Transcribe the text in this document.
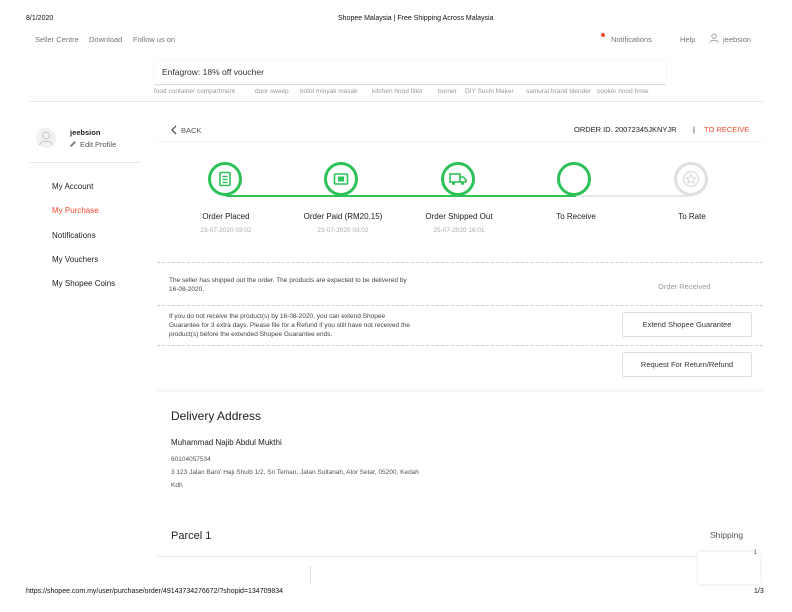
8/1/2020	Shopee Malaysia | Free Shipping Across Malaysia
Seller Centre Download Follow us on	Notifications	Help	jeebsion
Enfagrow: 18% off voucher
food container compartment	door sweep botol minyak masak kitchen hood filter burner DIY Sushi Maker samurai brand blender cooker hood hose
jeebsion
Edit Profile
My Account
My Purchase
Notifications
My Vouchers
My Shopee Coins
BACK	ORDER ID. 20072345JKNYJR | TO RECEIVE
Order Placed	Order Paid (RM20.15)	Order Shipped Out	To Receive	To Rate
23-07-2020 03:02	23-07-2020 03:02	25-07-2020 16:01
The seller has shipped out the order. The products are expected to be delivered by 16-08-2020.	Order Received
If you do not receive the product(s) by 16-08-2020, you can extend Shopee Guarantee for 3 extra days. Please file for a Refund if you still have not received the product(s) before the extended Shopee Guarantee ends.
Extend Shopee Guarantee
Request For Return/Refund
Delivery Address
Muhammad Najib Abdul Mukthi
60104057534
3 123 Jalan Baro' Haji Shuib 1/2, Sri Teman, Jalan Sultanah, Alor Setar, 05200, Kedah
Kdh
Parcel 1	Shipping
1
https://shopee.com.my/user/purchase/order/49143734276672/?shopid=134709834	1/3
